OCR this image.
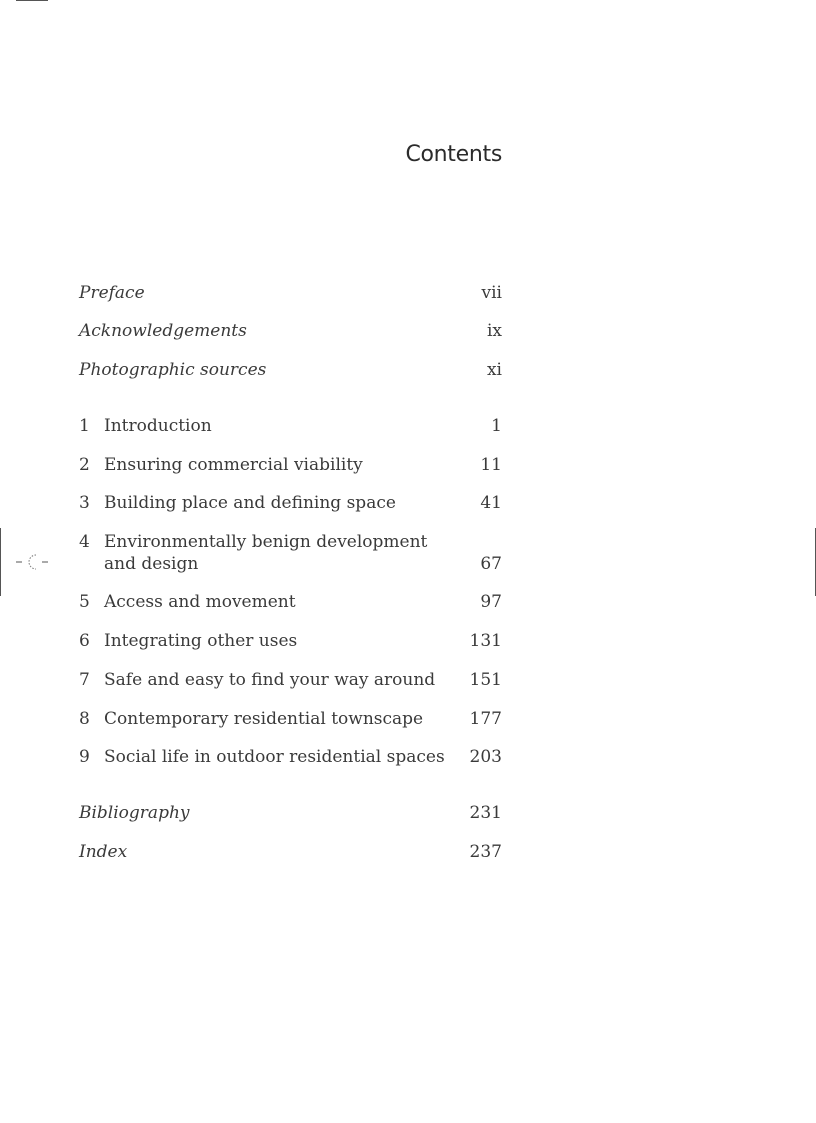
Contents
Preface	vii
Acknowledgements	ix
Photographic sources	xi
1 Introduction	1
2 Ensuring commercial viability	11
3 Building place and defining space	41
4 Environmentally benign development
and design	67
5 Access and movement	97
6 Integrating other uses	131
7 Safe and easy to find your way around 151
8 Contemporary residential townscape	177
9 Social life in outdoor residential spaces 203
Bibliography	231
Index	237
